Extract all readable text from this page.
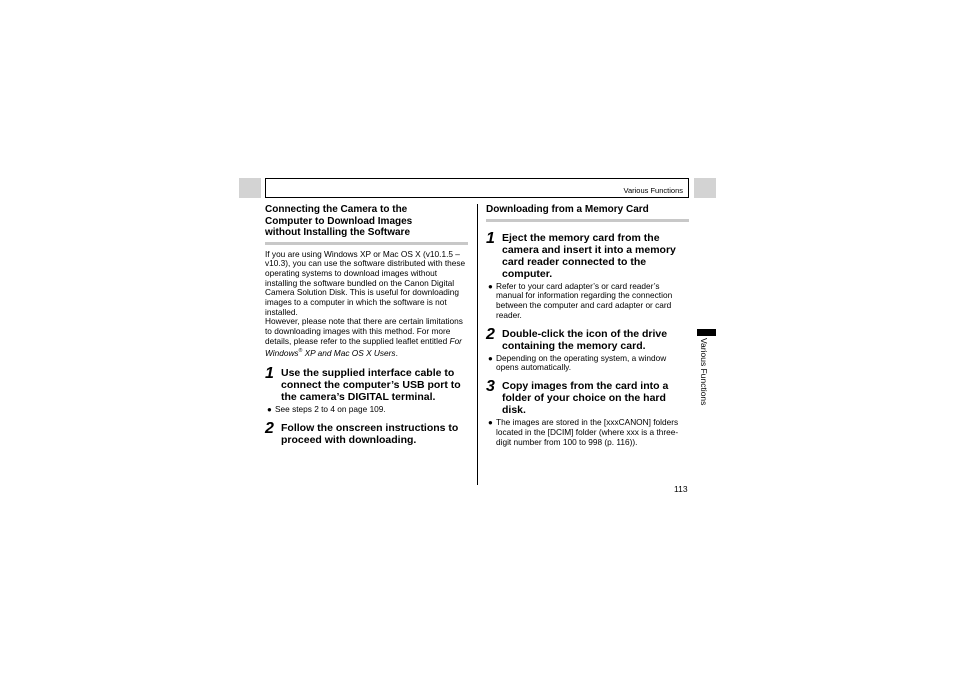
Various Functions
Connecting the Camera to the
Computer to Download Images
without Installing the Software

If you are using Windows XP or Mac OS X (v10.1.5 – v10.3), you can use the software distributed with these operating systems to download images without installing the software bundled on the Canon Digital Camera Solution Disk. This is useful for downloading images to a computer in which the software is not installed.

However, please note that there are certain limitations to downloading images with this method. For more details, please refer to the supplied leaflet entitled For Windows® XP and Mac OS X Users.

1 Use the supplied interface cable to connect the computer’s USB port to the camera’s DIGITAL terminal.
● See steps 2 to 4 on page 109.
2 Follow the onscreen instructions to proceed with downloading.
Downloading from a Memory Card
1 Eject the memory card from the camera and insert it into a memory card reader connected to the computer.
● Refer to your card adapter’s or card reader’s manual for information regarding the connection between the computer and card adapter or card reader.
2 Double-click the icon of the drive containing the memory card.
● Depending on the operating system, a window opens automatically.
3 Copy images from the card into a folder of your choice on the hard disk.
● The images are stored in the [xxxCANON] folders located in the [DCIM] folder (where xxx is a three-digit number from 100 to 998 (p. 116)).
Various Functions
113
